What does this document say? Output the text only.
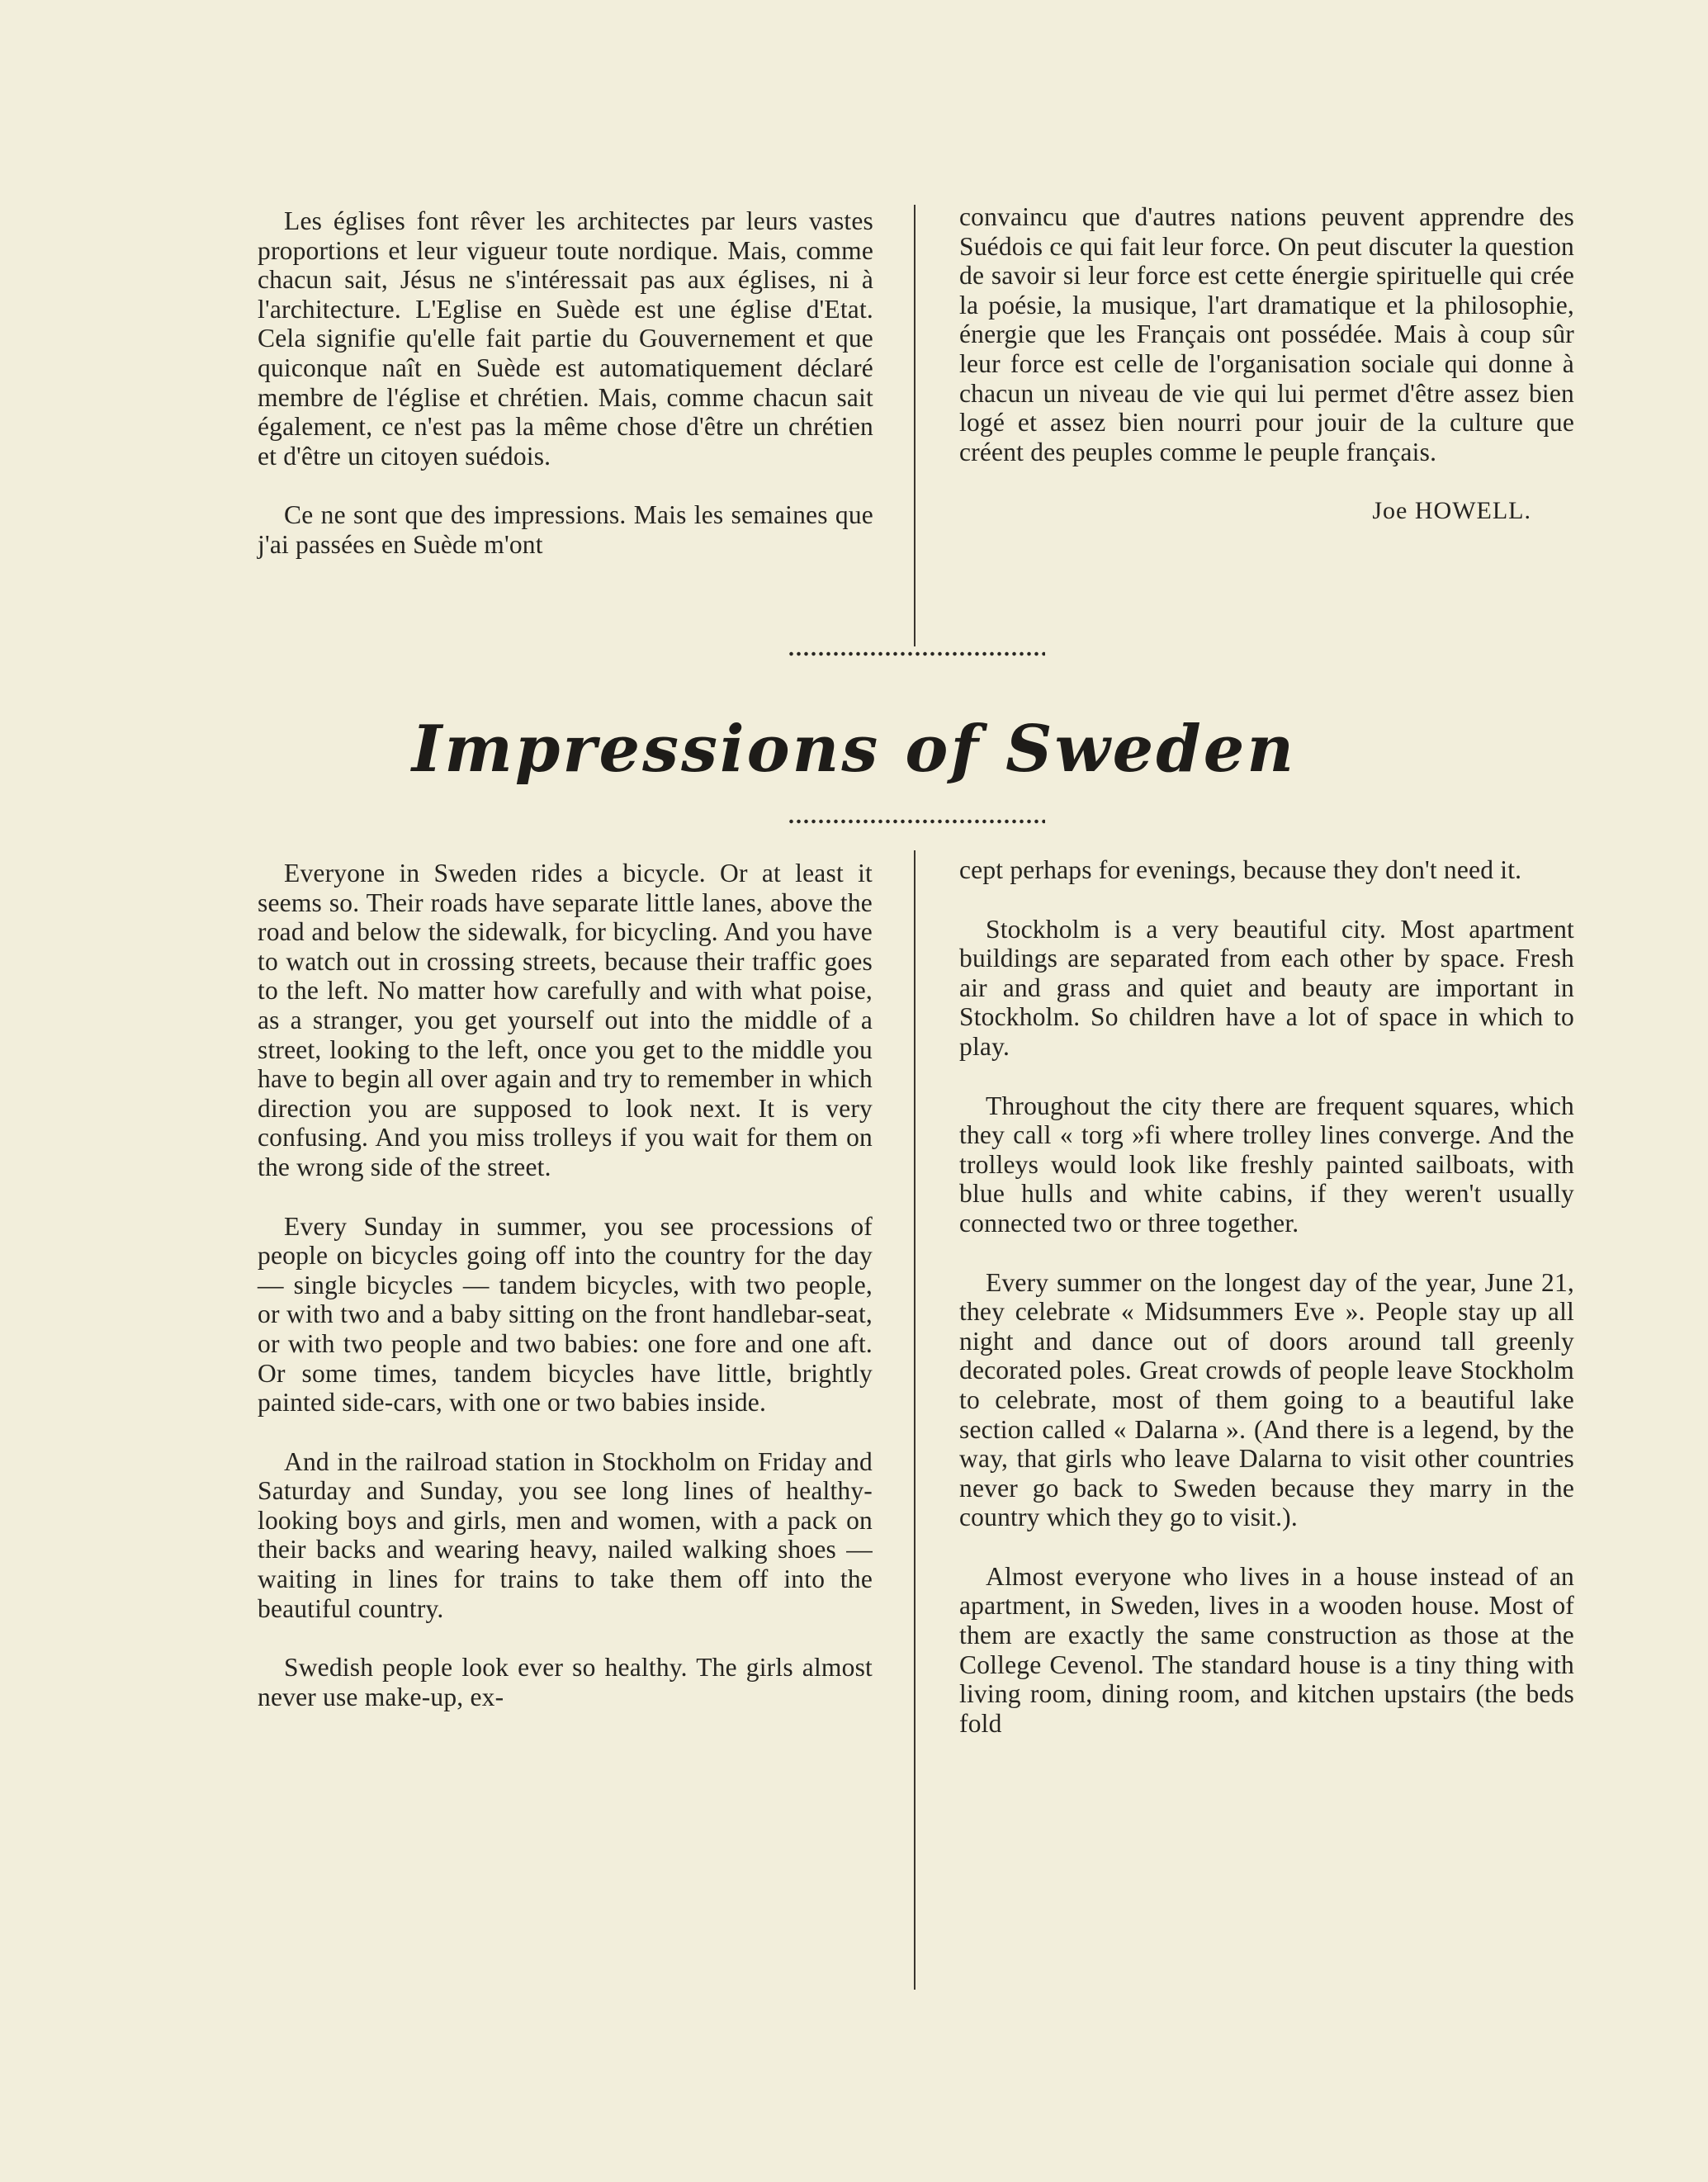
Les églises font rêver les architectes par leurs vastes proportions et leur vigueur toute nordique. Mais, comme chacun sait, Jésus ne s'intéressait pas aux églises, ni à l'architecture. L'Eglise en Suède est une église d'Etat. Cela signifie qu'elle fait partie du Gouvernement et que quiconque naît en Suède est automatiquement déclaré membre de l'église et chrétien. Mais, comme chacun sait également, ce n'est pas la même chose d'être un chrétien et d'être un citoyen suédois.

Ce ne sont que des impressions. Mais les semaines que j'ai passées en Suède m'ont

convaincu que d'autres nations peuvent apprendre des Suédois ce qui fait leur force. On peut discuter la question de savoir si leur force est cette énergie spirituelle qui crée la poésie, la musique, l'art dramatique et la philosophie, énergie que les Français ont possédée. Mais à coup sûr leur force est celle de l'organisation sociale qui donne à chacun un niveau de vie qui lui permet d'être assez bien logé et assez bien nourri pour jouir de la culture que créent des peuples comme le peuple français.

Joe HOWELL.
Impressions of Sweden

Everyone in Sweden rides a bicycle. Or at least it seems so. Their roads have separate little lanes, above the road and below the sidewalk, for bicycling. And you have to watch out in crossing streets, because their traffic goes to the left. No matter how carefully and with what poise, as a stranger, you get yourself out into the middle of a street, looking to the left, once you get to the middle you have to begin all over again and try to remember in which direction you are supposed to look next. It is very confusing. And you miss trolleys if you wait for them on the wrong side of the street.

Every Sunday in summer, you see processions of people on bicycles going off into the country for the day — single bicycles — tandem bicycles, with two people, or with two and a baby sitting on the front handlebar-seat, or with two people and two babies: one fore and one aft. Or some times, tandem bicycles have little, brightly painted side-cars, with one or two babies inside.

And in the railroad station in Stockholm on Friday and Saturday and Sunday, you see long lines of healthy-looking boys and girls, men and women, with a pack on their backs and wearing heavy, nailed walking shoes — waiting in lines for trains to take them off into the beautiful country.

Swedish people look ever so healthy. The girls almost never use make-up, ex-

cept perhaps for evenings, because they don't need it.

Stockholm is a very beautiful city. Most apartment buildings are separated from each other by space. Fresh air and grass and quiet and beauty are important in Stockholm. So children have a lot of space in which to play.

Throughout the city there are frequent squares, which they call « torg »fi where trolley lines converge. And the trolleys would look like freshly painted sailboats, with blue hulls and white cabins, if they weren't usually connected two or three together.

Every summer on the longest day of the year, June 21, they celebrate « Midsummers Eve ». People stay up all night and dance out of doors around tall greenly decorated poles. Great crowds of people leave Stockholm to celebrate, most of them going to a beautiful lake section called « Dalarna ». (And there is a legend, by the way, that girls who leave Dalarna to visit other countries never go back to Sweden because they marry in the country which they go to visit.).

Almost everyone who lives in a house instead of an apartment, in Sweden, lives in a wooden house. Most of them are exactly the same construction as those at the College Cevenol. The standard house is a tiny thing with living room, dining room, and kitchen upstairs (the beds fold
